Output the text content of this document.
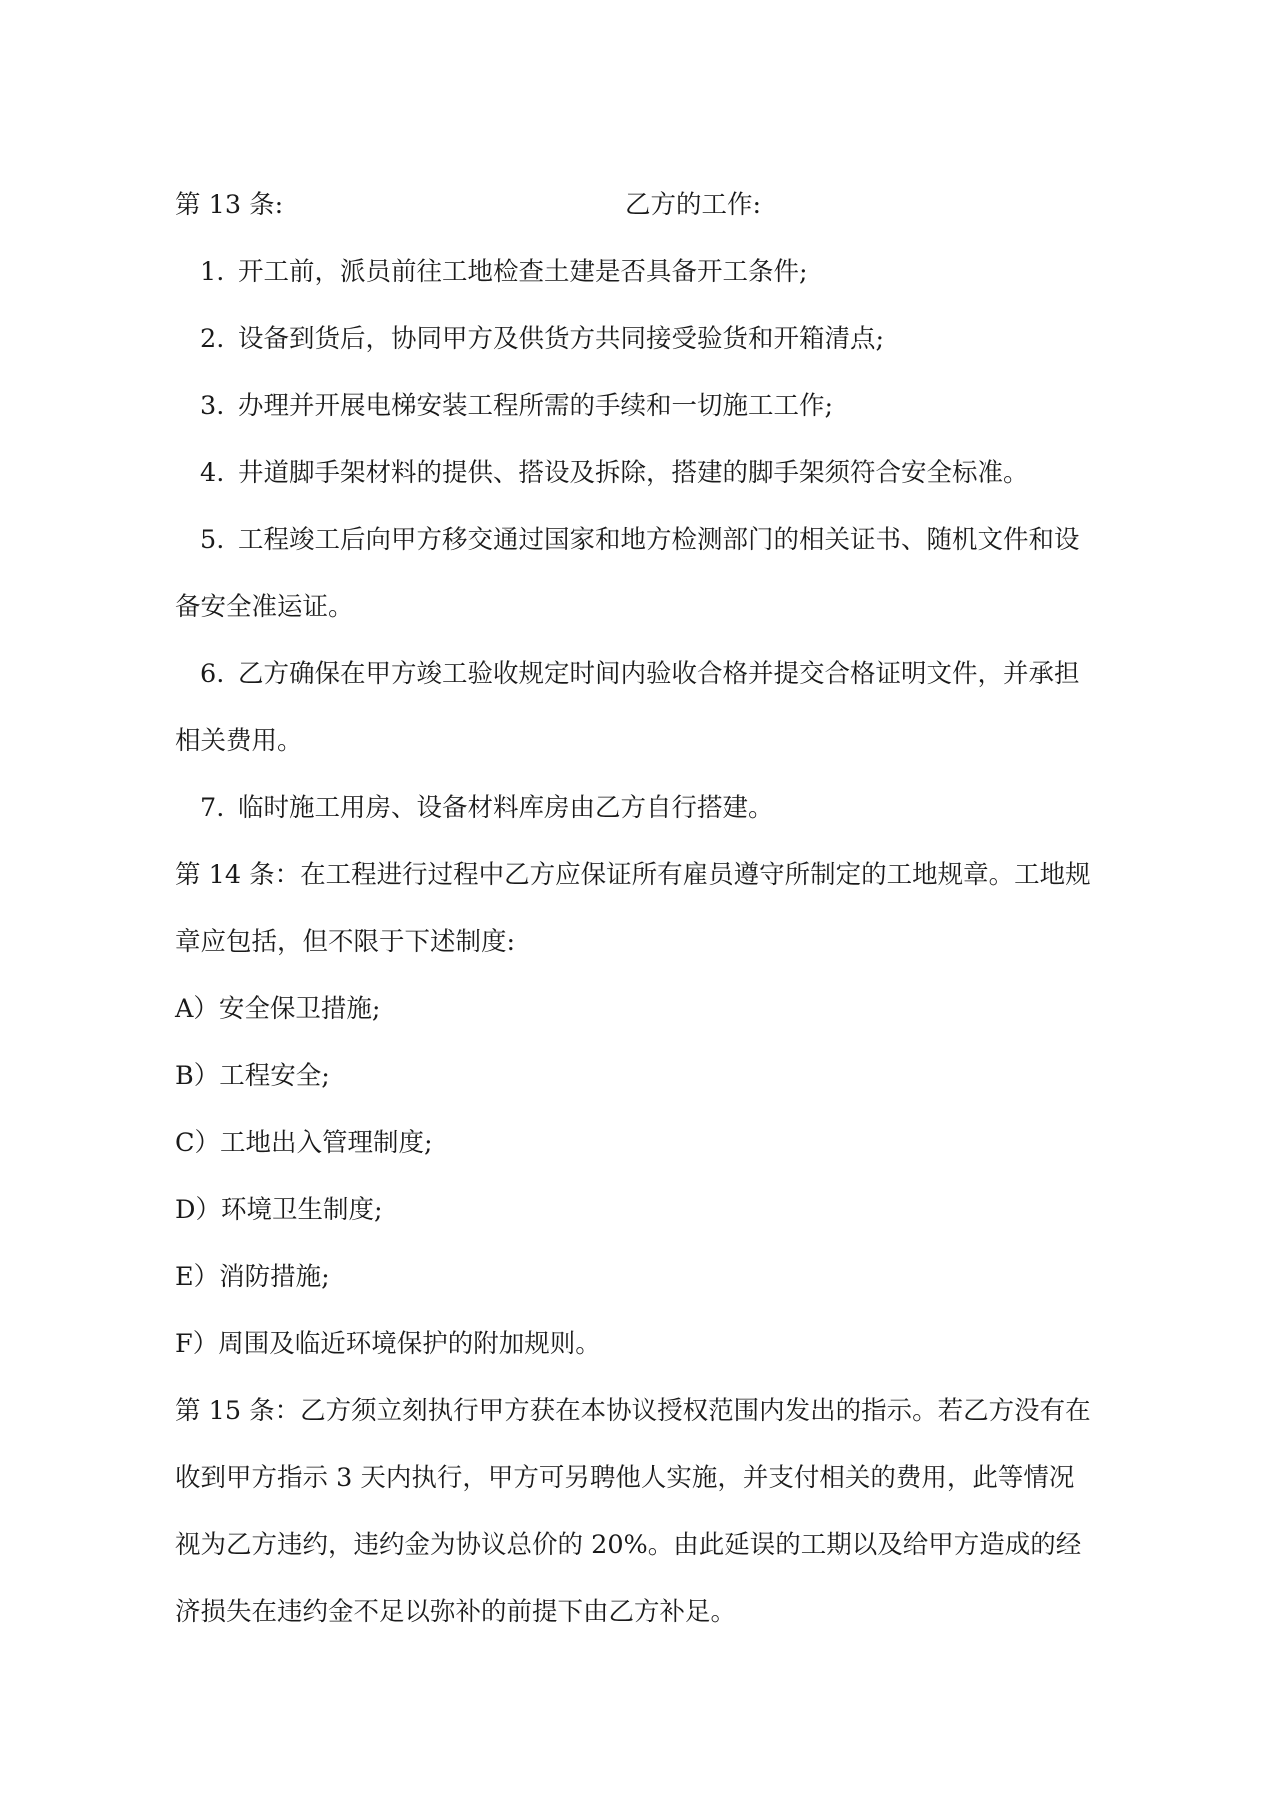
第 13 条:	乙方的工作:
1. 开工前，派员前往工地检查土建是否具备开工条件;
2. 设备到货后，协同甲方及供货方共同接受验货和开箱清点;
3. 办理并开展电梯安装工程所需的手续和一切施工工作;
4. 井道脚手架材料的提供、搭设及拆除，搭建的脚手架须符合安全标准。
5. 工程竣工后向甲方移交通过国家和地方检测部门的相关证书、随机文件和设
备安全准运证。
6. 乙方确保在甲方竣工验收规定时间内验收合格并提交合格证明文件，并承担
相关费用。
7. 临时施工用房、设备材料库房由乙方自行搭建。
第 14 条：在工程进行过程中乙方应保证所有雇员遵守所制定的工地规章。工地规
章应包括，但不限于下述制度:
A）安全保卫措施;
B）工程安全;
C）工地出入管理制度;
D）环境卫生制度;
E）消防措施;
F）周围及临近环境保护的附加规则。
第 15 条：乙方须立刻执行甲方获在本协议授权范围内发出的指示。若乙方没有在
收到甲方指示 3 天内执行，甲方可另聘他人实施，并支付相关的费用，此等情况
视为乙方违约，违约金为协议总价的 20%。由此延误的工期以及给甲方造成的经
济损失在违约金不足以弥补的前提下由乙方补足。
